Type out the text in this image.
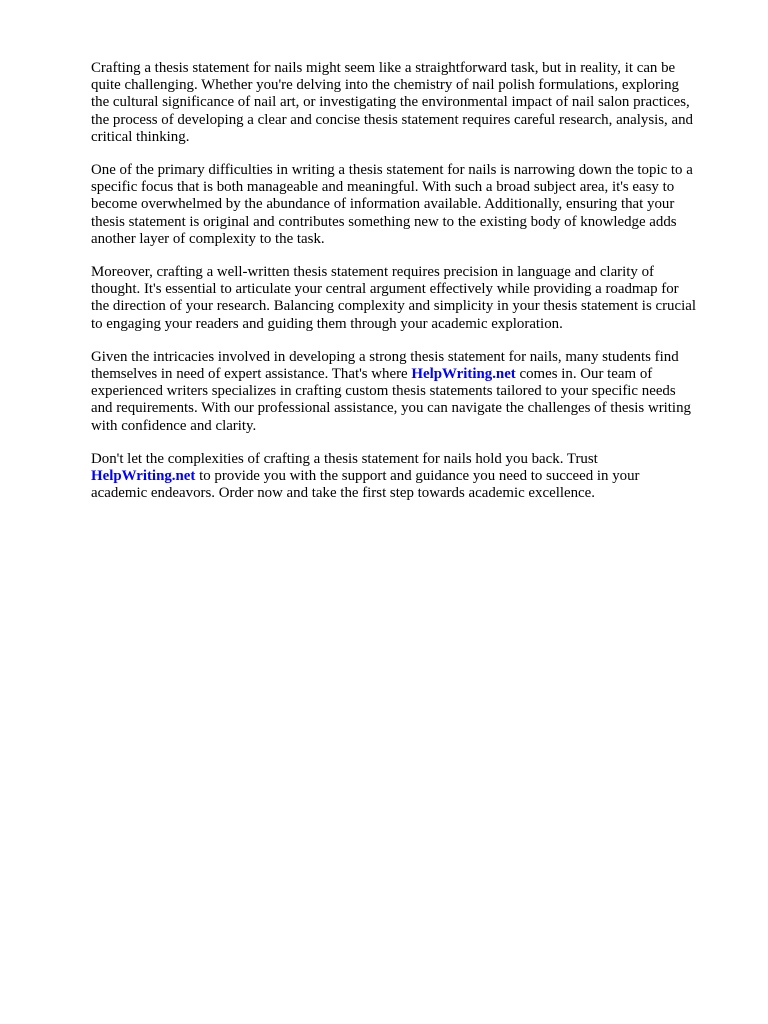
Crafting a thesis statement for nails might seem like a straightforward task, but in reality, it can be
quite challenging. Whether you're delving into the chemistry of nail polish formulations, exploring
the cultural significance of nail art, or investigating the environmental impact of nail salon practices,
the process of developing a clear and concise thesis statement requires careful research, analysis, and
critical thinking.

One of the primary difficulties in writing a thesis statement for nails is narrowing down the topic to a
specific focus that is both manageable and meaningful. With such a broad subject area, it's easy to
become overwhelmed by the abundance of information available. Additionally, ensuring that your
thesis statement is original and contributes something new to the existing body of knowledge adds
another layer of complexity to the task.

Moreover, crafting a well-written thesis statement requires precision in language and clarity of
thought. It's essential to articulate your central argument effectively while providing a roadmap for
the direction of your research. Balancing complexity and simplicity in your thesis statement is crucial
to engaging your readers and guiding them through your academic exploration.

Given the intricacies involved in developing a strong thesis statement for nails, many students find
themselves in need of expert assistance. That's where HelpWriting.net comes in. Our team of
experienced writers specializes in crafting custom thesis statements tailored to your specific needs
and requirements. With our professional assistance, you can navigate the challenges of thesis writing
with confidence and clarity.

Don't let the complexities of crafting a thesis statement for nails hold you back. Trust
HelpWriting.net to provide you with the support and guidance you need to succeed in your
academic endeavors. Order now and take the first step towards academic excellence.
